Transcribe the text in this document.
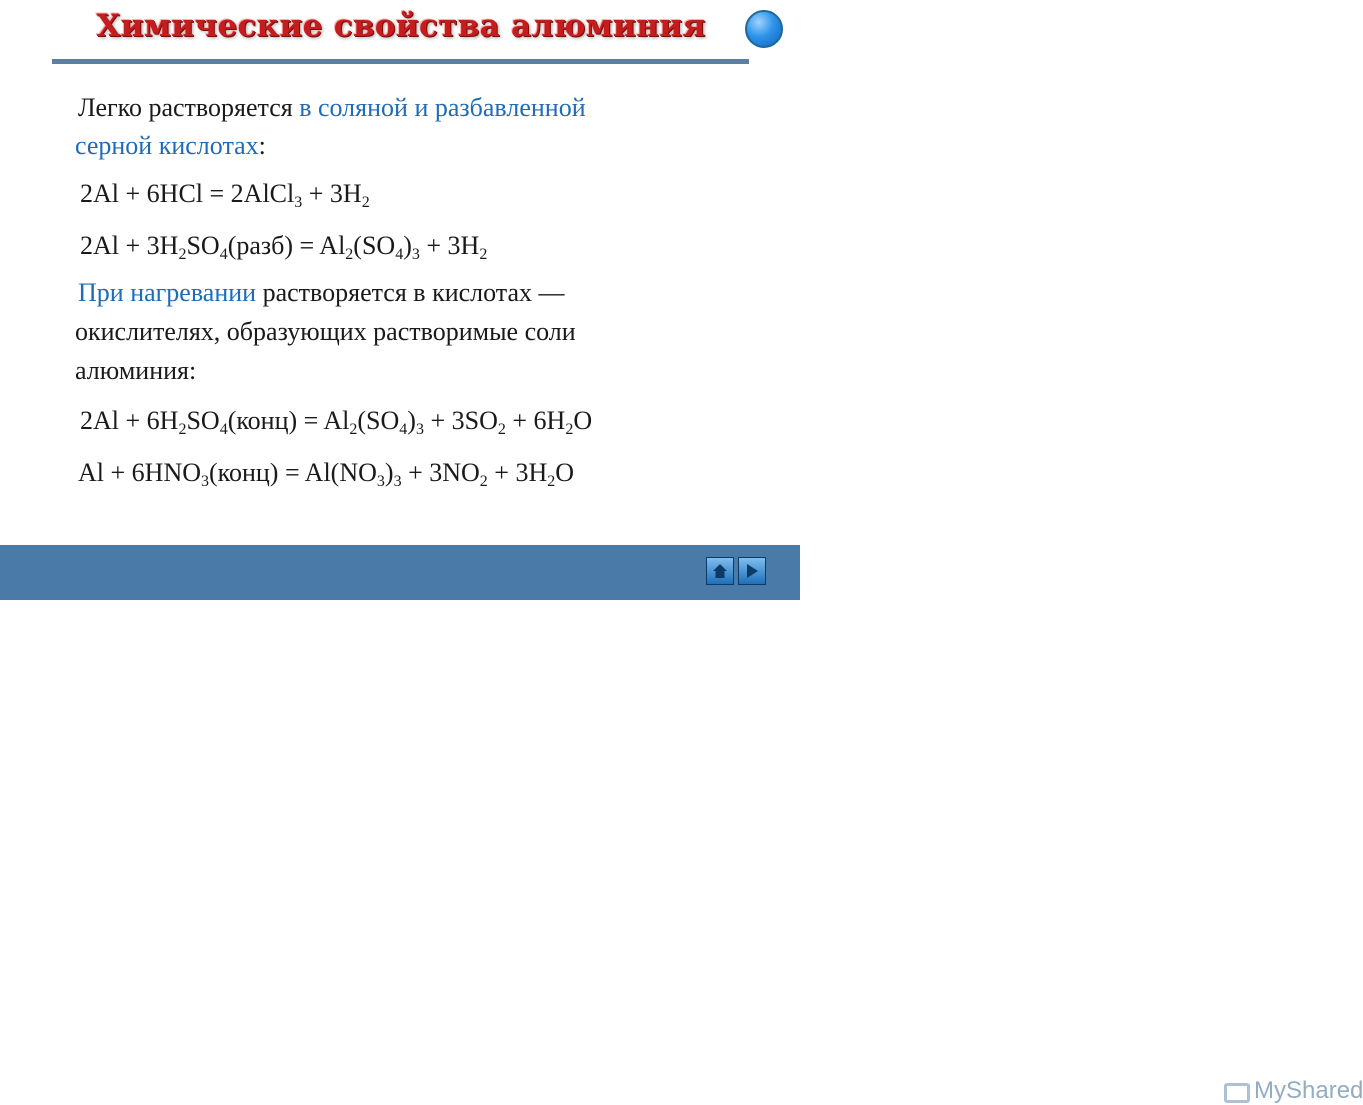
Химические свойства алюминия
Легко растворяется в соляной и разбавленной
серной кислотах:
2Al + 6HCl = 2AlCl$_3$ + $3H_2$
$2Al + 3H_2SO_4(разб) = Al_2(SO_4)_3 + 3H_2$
При нагревании растворяется в кислотах —
окислителях, образующих растворимые соли
алюминия:
$2Al + 6H_2SO_4(конц) = Al_2(SO_4)_3 + 3SO_2 + 6H_2O$
$Al + 6HNO_3(конц) = Al(NO_3)_3 + 3NO_2 + 3H_2O$
MyShared
